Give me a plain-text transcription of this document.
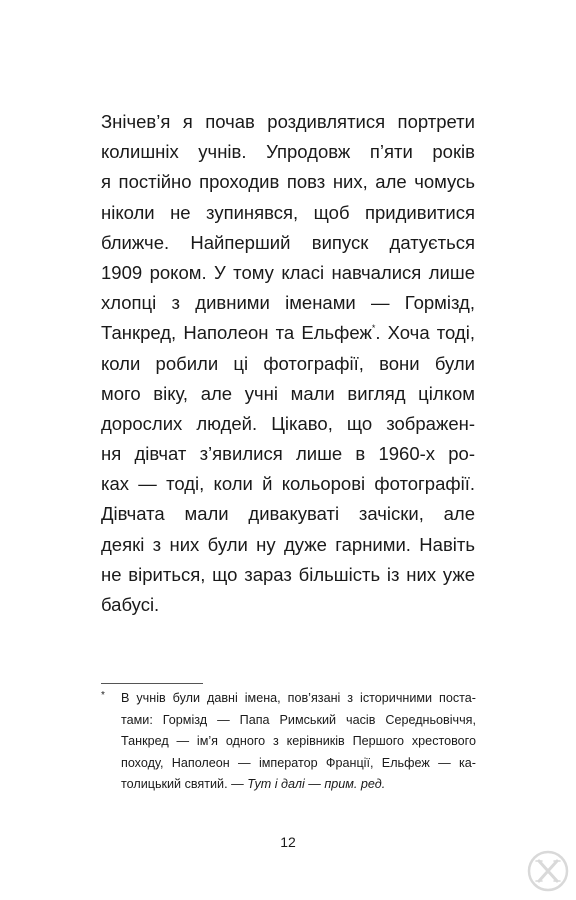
Знічев’я я почав роздивлятися портрети
колишніх учнів. Упродовж п’яти років
я постійно проходив повз них, але чомусь
ніколи не зупинявся, щоб придивитися
ближче. Найперший випуск датується
1909 роком. У тому класі навчалися лише
хлопці з дивними іменами — Гормізд,
Танкред, Наполеон та Ельфеж*. Хоча тоді,
коли робили ці фотографії, вони були
мого віку, але учні мали вигляд цілком
дорослих людей. Цікаво, що зображен-
ня дівчат з’явилися лише в 1960-х ро-
ках — тоді, коли й кольорові фотографії.
Дівчата мали дивакуваті зачіски, але
деякі з них були ну дуже гарними. Навіть
не віриться, що зараз більшість із них уже
бабусі.
* В учнів були давні імена, пов’язані з історичними поста-
тами: Гормізд — Папа Римський часів Середньовіччя,
Танкред — ім’я одного з керівників Першого хрестового
походу, Наполеон — імператор Франції, Ельфеж — ка-
толицький святий. — Тут і далі — прим. ред.
12
